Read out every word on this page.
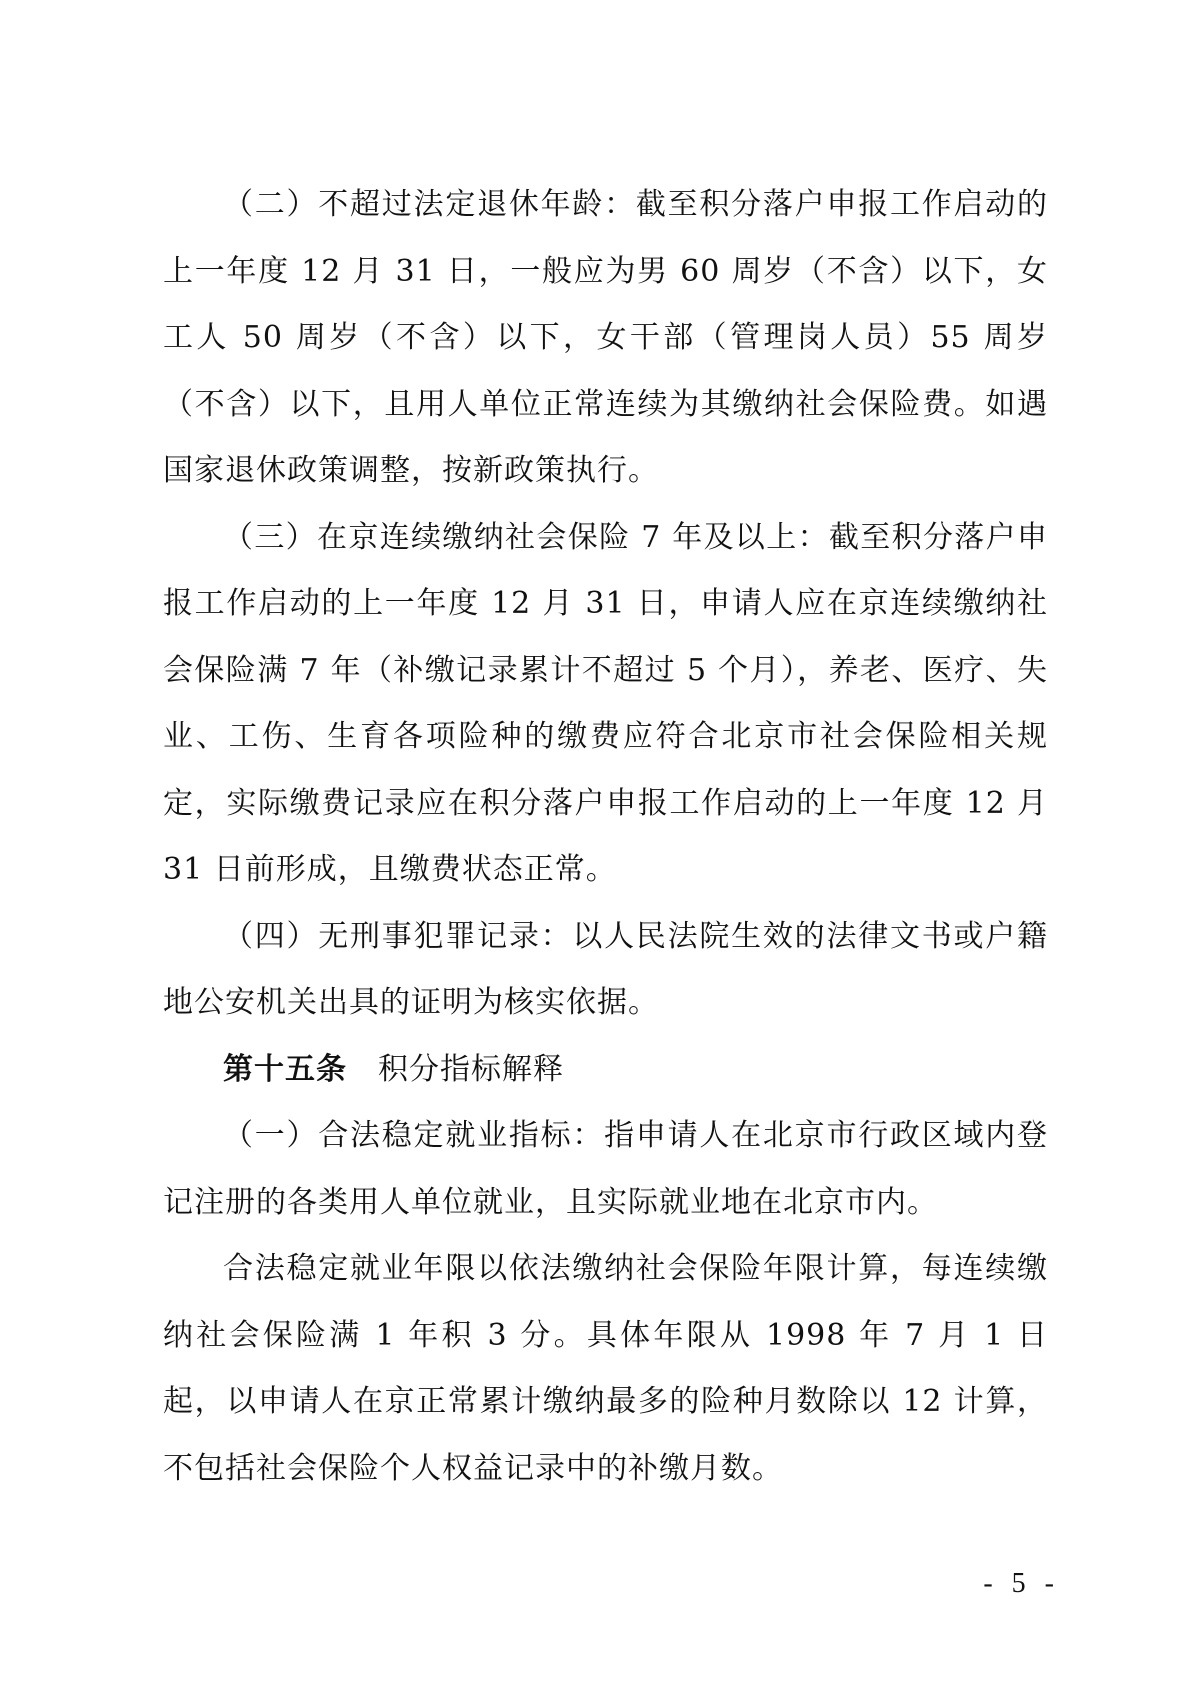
（二）不超过法定退休年龄：截至积分落户申报工作启动的上一年度 12 月 31 日，一般应为男 60 周岁（不含）以下，女工人 50 周岁（不含）以下，女干部（管理岗人员）55 周岁（不含）以下，且用人单位正常连续为其缴纳社会保险费。如遇国家退休政策调整，按新政策执行。

（三）在京连续缴纳社会保险 7 年及以上：截至积分落户申报工作启动的上一年度 12 月 31 日，申请人应在京连续缴纳社会保险满 7 年（补缴记录累计不超过 5 个月），养老、医疗、失业、工伤、生育各项险种的缴费应符合北京市社会保险相关规定，实际缴费记录应在积分落户申报工作启动的上一年度 12 月 31 日前形成，且缴费状态正常。

（四）无刑事犯罪记录：以人民法院生效的法律文书或户籍地公安机关出具的证明为核实依据。

第十五条  积分指标解释

（一）合法稳定就业指标：指申请人在北京市行政区域内登记注册的各类用人单位就业，且实际就业地在北京市内。

合法稳定就业年限以依法缴纳社会保险年限计算，每连续缴纳社会保险满 1 年积 3 分。具体年限从 1998 年 7 月 1 日起，以申请人在京正常累计缴纳最多的险种月数除以 12 计算，不包括社会保险个人权益记录中的补缴月数。

- 5 -
